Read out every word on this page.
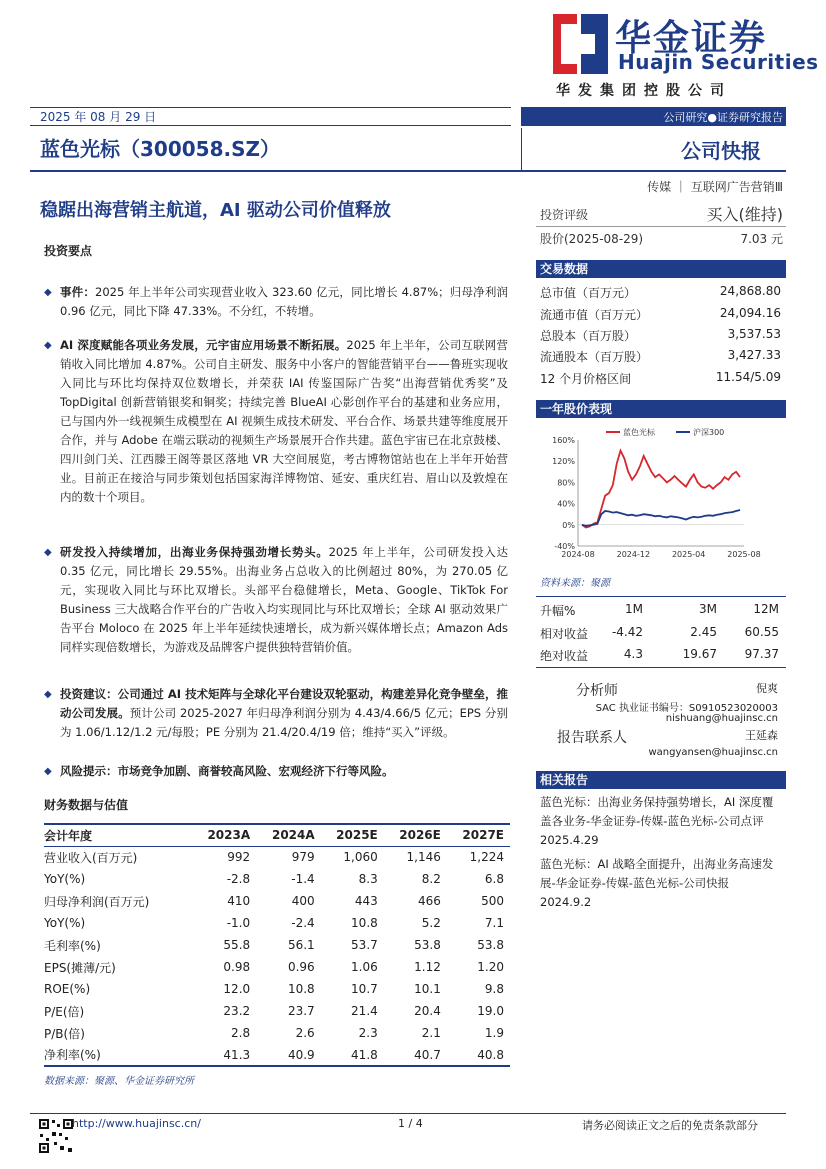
华金证券
Huajin Securities
华发集团控股公司
2025 年 08 月 29 日	公司研究●证券研究报告
蓝色光标（300058.SZ）	公司快报
稳踞出海营销主航道，AI 驱动公司价值释放
投资要点
◆ 事件：2025 年上半年公司实现营业收入 323.60 亿元，同比增长 4.87%；归母净利润 0.96 亿元，同比下降 47.33%。不分红，不转增。
◆ AI 深度赋能各项业务发展，元宇宙应用场景不断拓展。2025 年上半年，公司互联网营销收入同比增加 4.87%。公司自主研发、服务中小客户的智能营销平台——鲁班实现收入同比与环比均保持双位数增长，并荣获 IAI 传鉴国际广告奖“出海营销优秀奖”及 TopDigital 创新营销银奖和铜奖；持续完善 BlueAI 心影创作平台的基建和业务应用，已与国内外一线视频生成模型在 AI 视频生成技术研发、平台合作、场景共建等维度展开合作，并与 Adobe 在端云联动的视频生产场景展开合作共建。蓝色宇宙已在北京鼓楼、四川剑门关、江西滕王阁等景区落地 VR 大空间展览，考古博物馆站也在上半年开始营业。目前正在接洽与同步策划包括国家海洋博物馆、延安、重庆红岩、眉山以及敦煌在内的数十个项目。
◆ 研发投入持续增加，出海业务保持强劲增长势头。2025 年上半年，公司研发投入达 0.35 亿元，同比增长 29.55%。出海业务占总收入的比例超过 80%，为 270.05 亿元，实现收入同比与环比双增长。头部平台稳健增长，Meta、Google、TikTok For Business 三大战略合作平台的广告收入均实现同比与环比双增长；全球 AI 驱动效果广告平台 Moloco 在 2025 年上半年延续快速增长，成为新兴媒体增长点；Amazon Ads 同样实现倍数增长，为游戏及品牌客户提供独特营销价值。
◆ 投资建议：公司通过 AI 技术矩阵与全球化平台建设双轮驱动，构建差异化竞争壁垒，推动公司发展。预计公司 2025-2027 年归母净利润分别为 4.43/4.66/5 亿元；EPS 分别为 1.06/1.12/1.2 元/每股；PE 分别为 21.4/20.4/19 倍；维持“买入”评级。
◆ 风险提示：市场竞争加剧、商誉较高风险、宏观经济下行等风险。
财务数据与估值
会计年度	2023A	2024A	2025E	2026E	2027E
营业收入(百万元)	992	979	1,060	1,146	1,224
YoY(%)	-2.8	-1.4	8.3	8.2	6.8
归母净利润(百万元)	410	400	443	466	500
YoY(%)	-1.0	-2.4	10.8	5.2	7.1
毛利率(%)	55.8	56.1	53.7	53.8	53.8
EPS(摊薄/元)	0.98	0.96	1.06	1.12	1.20
ROE(%)	12.0	10.8	10.7	10.1	9.8
P/E(倍)	23.2	23.7	21.4	20.4	19.0
P/B(倍)	2.8	2.6	2.3	2.1	1.9
净利率(%)	41.3	40.9	41.8	40.7	40.8
数据来源：聚源、华金证券研究所
传媒 ｜ 互联网广告营销Ⅲ
投资评级	买入(维持)
股价(2025-08-29)	7.03 元
交易数据
总市值（百万元）	24,868.80
流通市值（百万元）	24,094.16
总股本（百万股）	3,537.53
流通股本（百万股）	3,427.33
12 个月价格区间	11.54/5.09
一年股价表现
160%
120%
80%
40%
0%
-40%
2024-08	2024-12	2025-04	2025-08
蓝色光标	沪深300
资料来源：聚源
升幅%	1M	3M	12M
相对收益 -4.42	2.45 60.55
绝对收益	4.3	19.67 97.37
分析师	倪爽
SAC 执业证书编号：S0910523020003
nishuang@huajinsc.cn
报告联系人	王延森
wangyansen@huajinsc.cn
相关报告
蓝色光标：出海业务保持强势增长，AI 深度覆盖各业务-华金证券-传媒-蓝色光标-公司点评 2025.4.29
蓝色光标：AI 战略全面提升，出海业务高速发展-华金证券-传媒-蓝色光标-公司快报 2024.9.2
http://www.huajinsc.cn/	1 / 4	请务必阅读正文之后的免责条款部分
